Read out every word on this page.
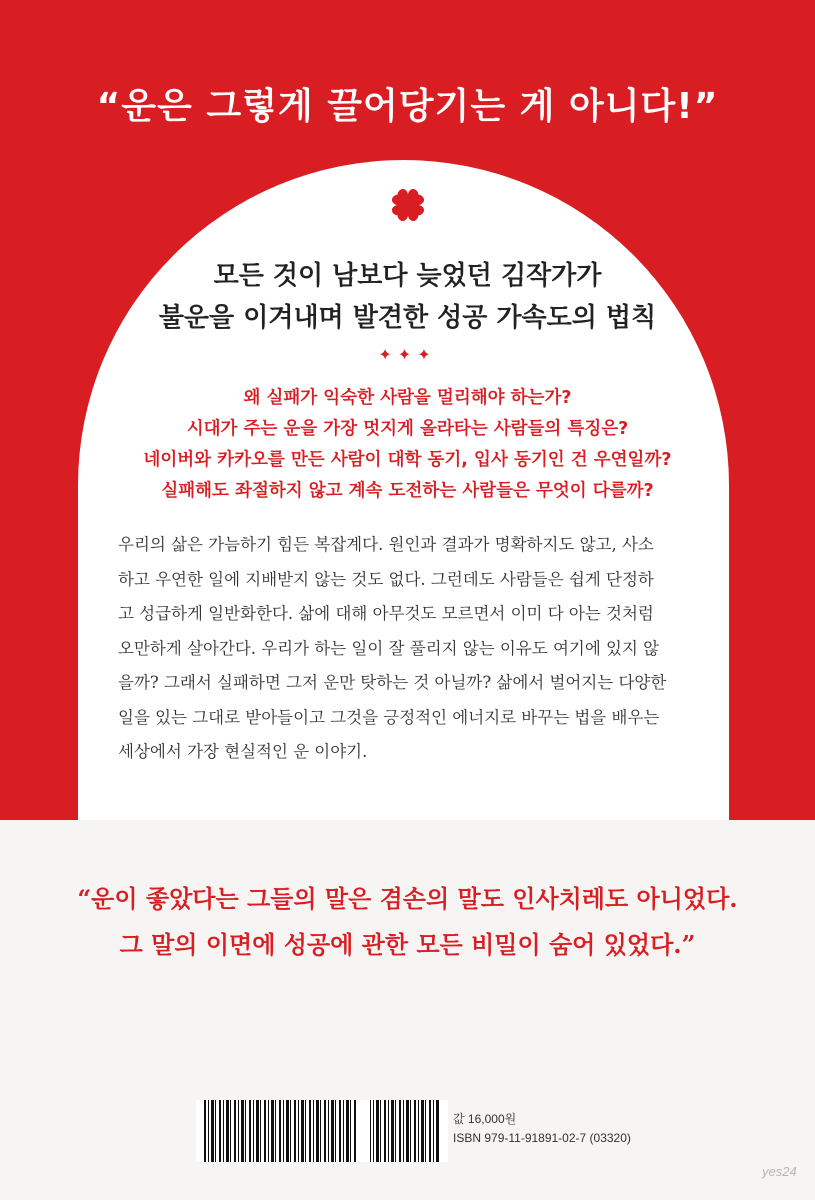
“운은 그렇게 끌어당기는 게 아니다!”
모든 것이 남보다 늦었던 김작가가
불운을 이겨내며 발견한 성공 가속도의 법칙
✦✦✦
왜 실패가 익숙한 사람을 멀리해야 하는가?
시대가 주는 운을 가장 멋지게 올라타는 사람들의 특징은?
네이버와 카카오를 만든 사람이 대학 동기, 입사 동기인 건 우연일까?
실패해도 좌절하지 않고 계속 도전하는 사람들은 무엇이 다를까?
우리의 삶은 가늠하기 힘든 복잡계다. 원인과 결과가 명확하지도 않고, 사소
하고 우연한 일에 지배받지 않는 것도 없다. 그런데도 사람들은 쉽게 단정하
고 성급하게 일반화한다. 삶에 대해 아무것도 모르면서 이미 다 아는 것처럼
오만하게 살아간다. 우리가 하는 일이 잘 풀리지 않는 이유도 여기에 있지 않
을까? 그래서 실패하면 그저 운만 탓하는 것 아닐까? 삶에서 벌어지는 다양한
일을 있는 그대로 받아들이고 그것을 긍정적인 에너지로 바꾸는 법을 배우는
세상에서 가장 현실적인 운 이야기.
“운이 좋았다는 그들의 말은 겸손의 말도 인사치레도 아니었다.
그 말의 이면에 성공에 관한 모든 비밀이 숨어 있었다.”
값 16,000원
ISBN 979-11-91891-02-7 (03320)
yes24
